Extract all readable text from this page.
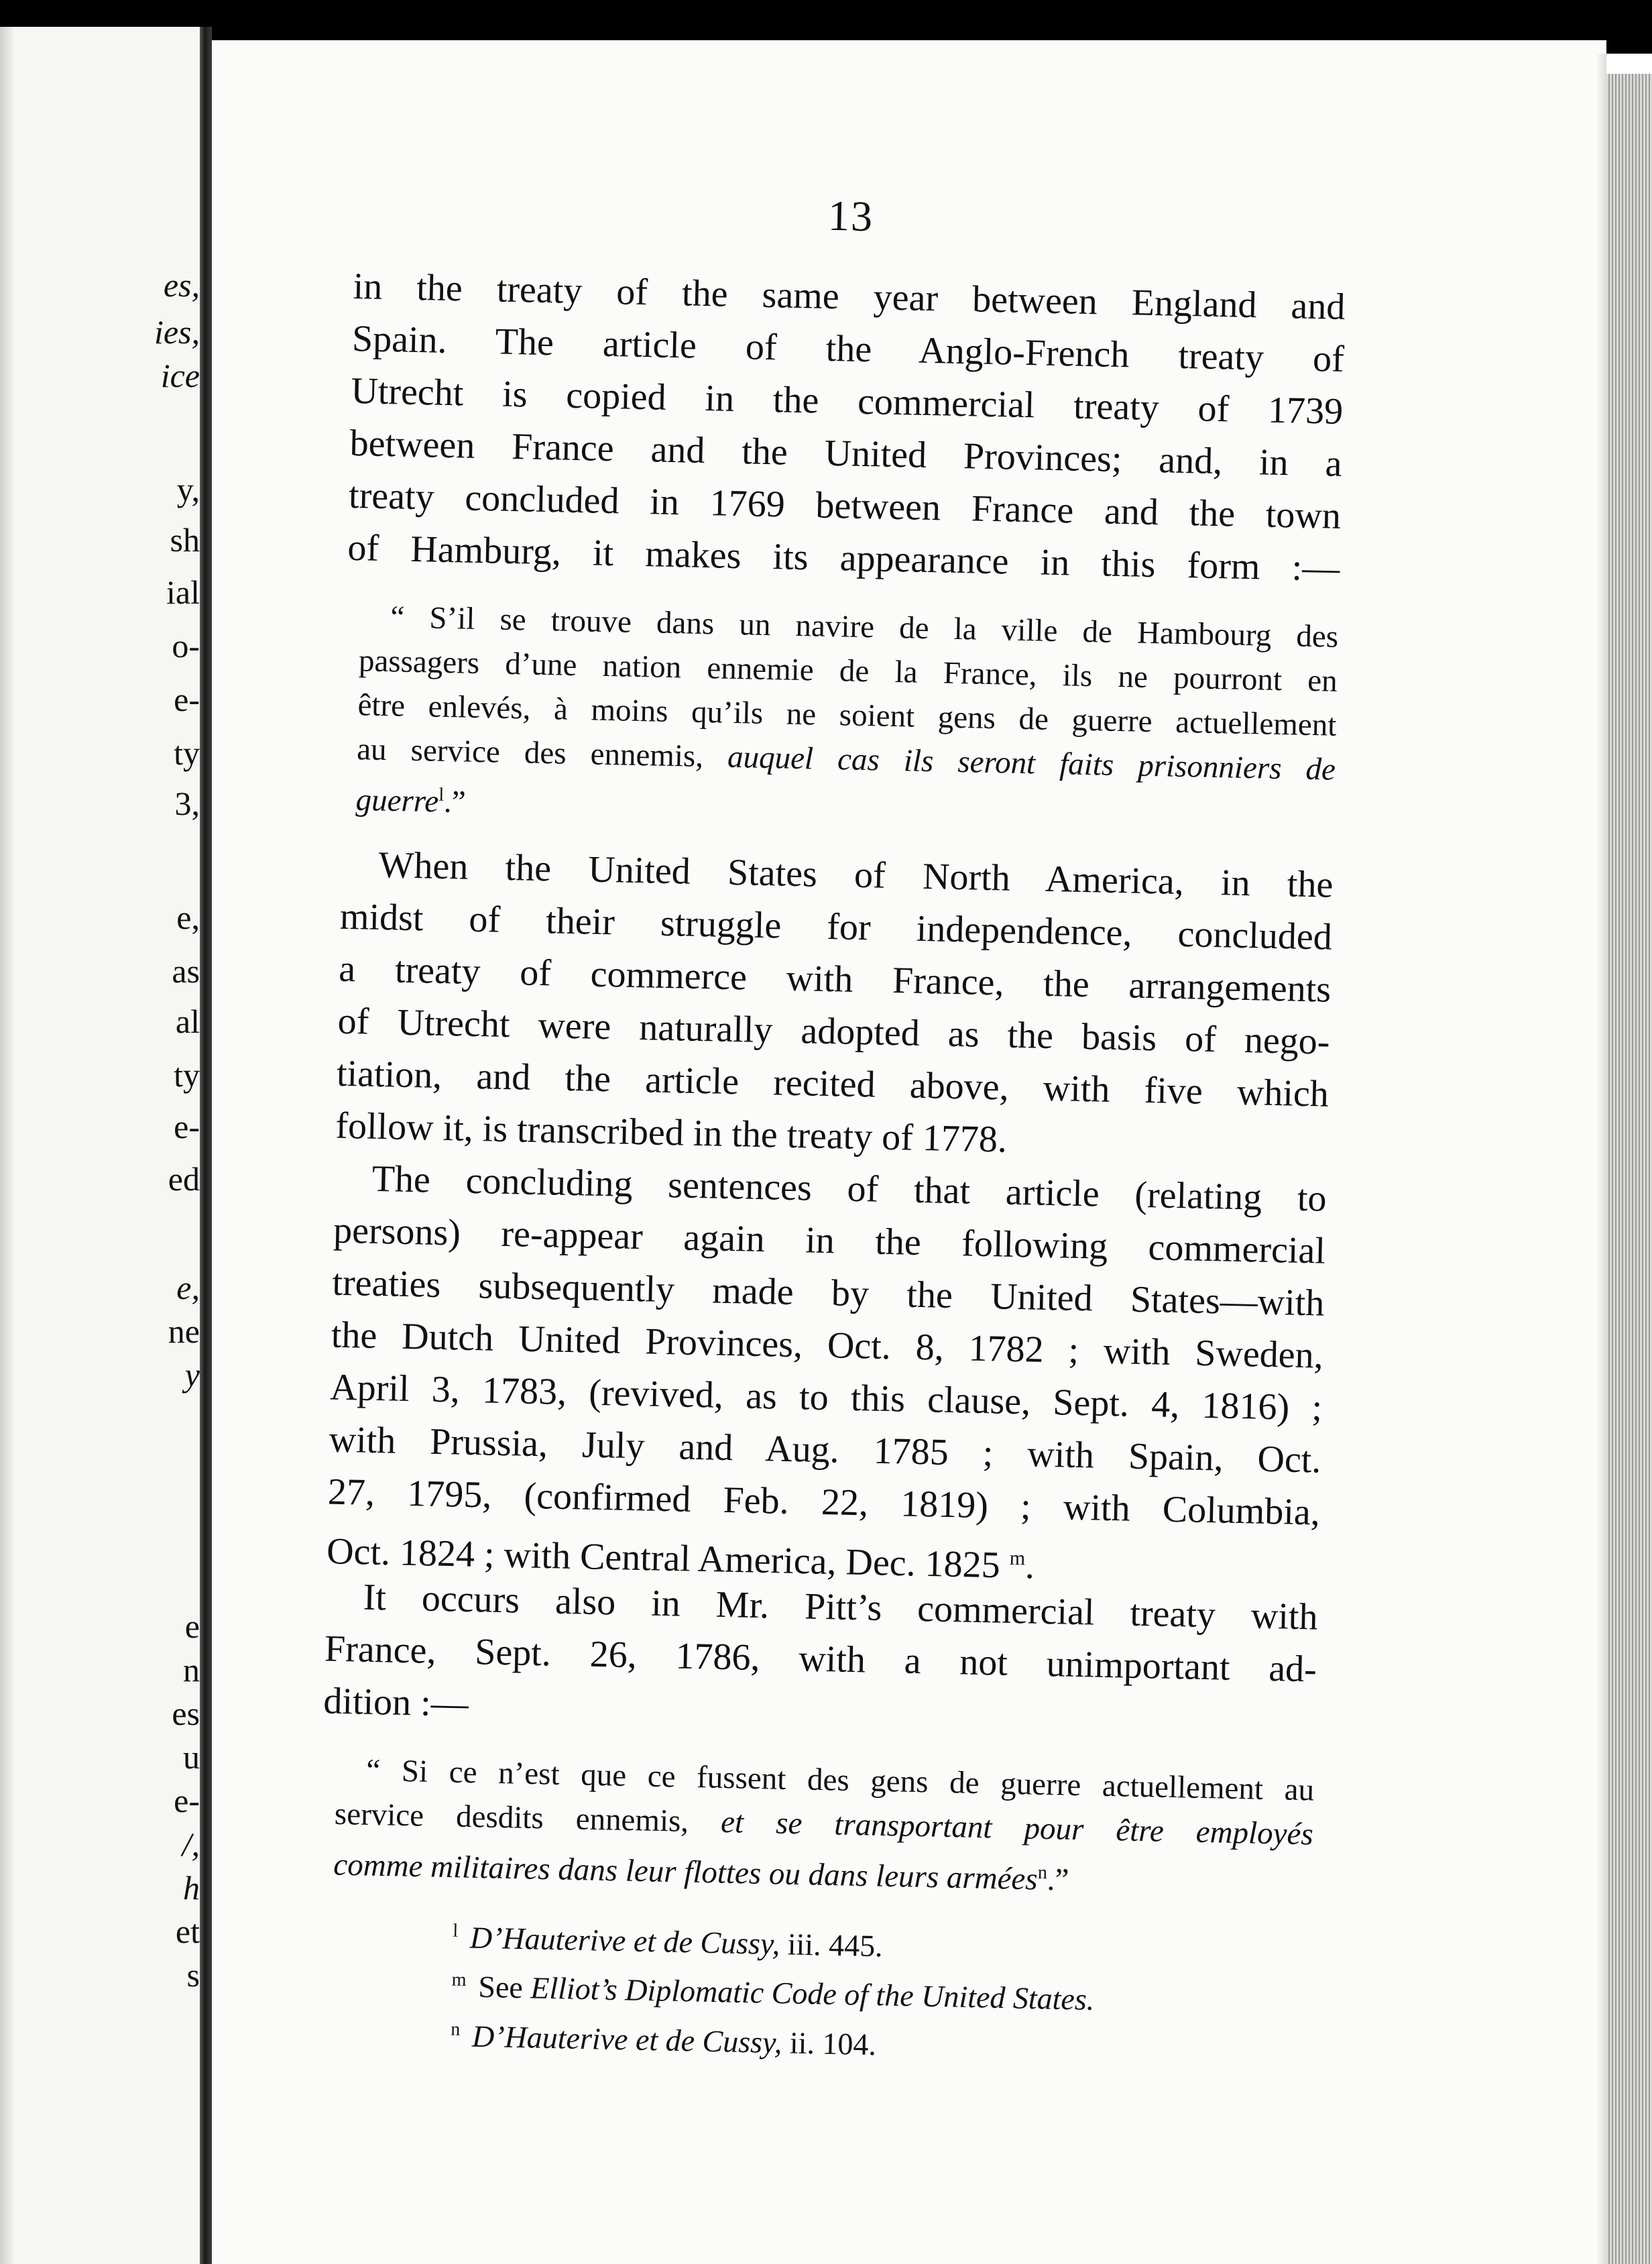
es,
ies,
ice
y,
sh
ial
o-
e-
ty
3,
e,
as
al
ty
e-
ed
e,
ne
y
e
n
es
u
e-
/,
h
et
s
13
in the treaty of the same year between England and
Spain. The article of the Anglo-French treaty of
Utrecht is copied in the commercial treaty of 1739
between France and the United Provinces; and, in a
treaty concluded in 1769 between France and the town
of Hamburg, it makes its appearance in this form :—
“ S’il se trouve dans un navire de la ville de Hambourg des
passagers d’une nation ennemie de la France, ils ne pourront en
être enlevés, à moins qu’ils ne soient gens de guerre actuellement
au service des ennemis, auquel cas ils seront faits prisonniers de
guerre$^l$.”
When the United States of North America, in the
midst of their struggle for independence, concluded
a treaty of commerce with France, the arrangements
of Utrecht were naturally adopted as the basis of nego-
tiation, and the article recited above, with five which
follow it, is transcribed in the treaty of 1778.
The concluding sentences of that article (relating to
persons) re-appear again in the following commercial
treaties subsequently made by the United States—with
the Dutch United Provinces, Oct. 8, 1782 ; with Sweden,
April 3, 1783, (revived, as to this clause, Sept. 4, 1816) ;
with Prussia, July and Aug. 1785 ; with Spain, Oct.
27, 1795, (confirmed Feb. 22, 1819) ; with Columbia,
Oct. 1824 ; with Central America, Dec. 1825 $^m$.
It occurs also in Mr. Pitt’s commercial treaty with
France, Sept. 26, 1786, with a not unimportant ad-
dition :—
“ Si ce n’est que ce fussent des gens de guerre actuellement au
service desdits ennemis, et se transportant pour être employés
comme militaires dans leur flottes ou dans leurs armées$^n$.”
$^l$ D’Hauterive et de Cussy, iii. 445.
$^m$ See Elliot’s Diplomatic Code of the United States.
$^n$ D’Hauterive et de Cussy, ii. 104.
